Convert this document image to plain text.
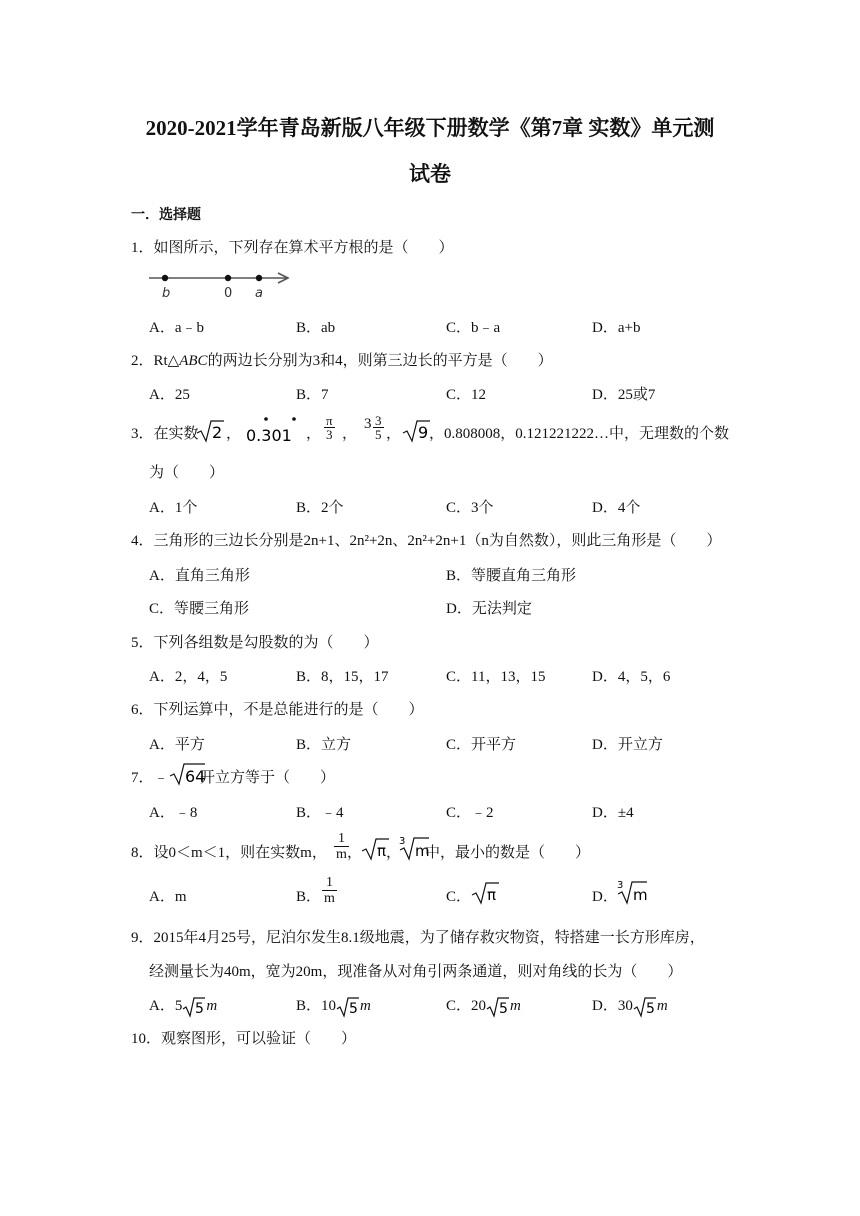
2020-2021学年青岛新版八年级下册数学《第7章 实数》单元测
试卷
一．选择题
1．如图所示，下列存在算术平方根的是（　　）
b	0 a
A．a﹣b	B．ab	C．b﹣a	D．a+b
2．Rt△ABC的两边长分别为3和4，则第三边长的平方是（　　）
A．25	B．7	C．12	D．25或7
3．在实数 2 ， 0.301 ， $\frac{\pi}{3}$ ，
$3 \frac{3}{5}$ ， 9 ，0.808008，0.121221222…中，无理数的个数
为（　　）
A．1个	B．2个	C．3个	D．4个
4．三角形的三边长分别是2n+1、2n²+2n、2n²+2n+1（n为自然数），则此三角形是（　　）
A．直角三角形	B．等腰直角三角形
C．等腰三角形	D．无法判定
5．下列各组数是勾股数的为（　　）
A．2，4，5	B．8，15，17	C．11，13，15	D．4，5，6
6．下列运算中，不是总能进行的是（　　）
A．平方	B．立方	C．开平方	D．开立方
7．﹣ 64
开立方等于（　　）
A．﹣8	B．﹣4	C．﹣2	D．±4
8．设0＜m＜1，则在实数m， $\frac{1}{m}$
， π ，
3
m
中，最小的数是（　　）
A．m	B． $\frac{1}{m}$	C． π	D．
3
m
9．2015年4月25号，尼泊尔发生8.1级地震，为了储存救灾物资，特搭建一长方形库房，
经测量长为40m，宽为20m，现准备从对角引两条通道，则对角线的长为（　　）
A．5 5 m	B．10 5 m	C．20 5 m	D．30 5 m
10．观察图形，可以验证（　　）
